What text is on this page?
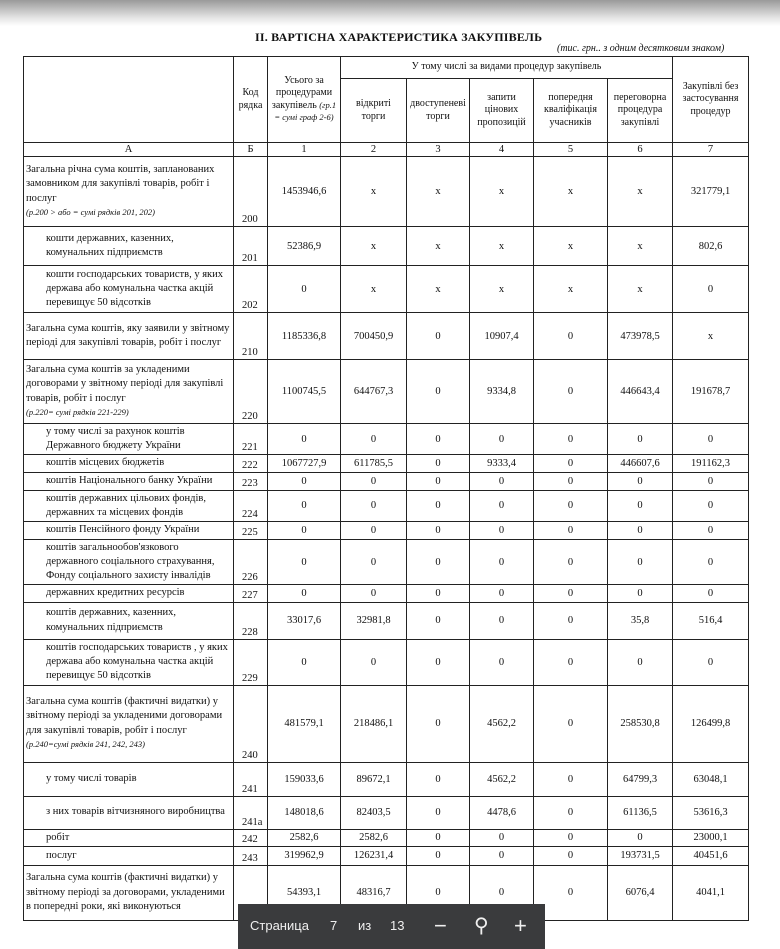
II. ВАРТІСНА ХАРАКТЕРИСТИКА ЗАКУПІВЕЛЬ
(тис. грн.. з одним десятковим знаком)
	Код рядка	Усього за процедурами закупівель (гр.1 = сумі граф 2-6)	У тому числі за видами процедур закупівель					Закупівлі без застосування процедур
			відкриті торги	двоступеневі торги	запити цінових пропозицій	попередня кваліфікація учасників	переговорна процедура закупівлі	
А	Б	1	2	3	4	5	6	7
Загальна річна сума коштів, запланованих замовником для закупівлі товарів, робіт і послуг
(р.200 > або = сумі рядків 201, 202)	200	1453946,6	х	х	х	х	х	321779,1
кошти державних, казенних, комунальних підприємств	201	52386,9	х	х	х	х	х	802,6
кошти господарських товариств, у яких держава або комунальна частка акцій перевищує 50 відсотків	202	0	х	х	х	х	х	0
Загальна сума коштів, яку заявили у звітному періоді для закупівлі товарів, робіт і послуг	210	1185336,8	700450,9	0	10907,4	0	473978,5	х
Загальна сума коштів за укладеними договорами у звітному періоді для закупівлі товарів, робіт і послуг
(р.220= сумі рядків 221-229)	220	1100745,5	644767,3	0	9334,8	0	446643,4	191678,7
у тому числі за рахунок коштів Державного бюджету України	221	0	0	0	0	0	0	0
коштів місцевих бюджетів	222	1067727,9	611785,5	0	9333,4	0	446607,6	191162,3
коштів Національного банку України	223	0	0	0	0	0	0	0
коштів державних цільових фондів, державних та місцевих фондів	224	0	0	0	0	0	0	0
коштів Пенсійного фонду України	225	0	0	0	0	0	0	0
коштів загальнообов'язкового державного соціального страхування, Фонду соціального захисту інвалідів	226	0	0	0	0	0	0	0
державних кредитних ресурсів	227	0	0	0	0	0	0	0
коштів державних, казенних, комунальних підприємств	228	33017,6	32981,8	0	0	0	35,8	516,4
коштів господарських товариств , у яких держава або комунальна частка акцій перевищує 50 відсотків	229	0	0	0	0	0	0	0
Загальна сума коштів (фактичні видатки) у звітному періоді за укладеними договорами для закупівлі товарів, робіт і послуг
(р.240=сумі рядків 241, 242, 243)	240	481579,1	218486,1	0	4562,2	0	258530,8	126499,8
у тому числі товарів	241	159033,6	89672,1	0	4562,2	0	64799,3	63048,1
з них товарів вітчизняного виробництва	241а	148018,6	82403,5	0	4478,6	0	61136,5	53616,3
робіт	242	2582,6	2582,6	0	0	0	0	23000,1
послуг	243	319962,9	126231,4	0	0	0	193731,5	40451,6
Загальна сума коштів (фактичні видатки) у звітному періоді за договорами, укладеними в попередні роки, які виконуються		54393,1	48316,7	0	0	0	6076,4	4041,1
Страница 7 из 13 − ⚲ +
